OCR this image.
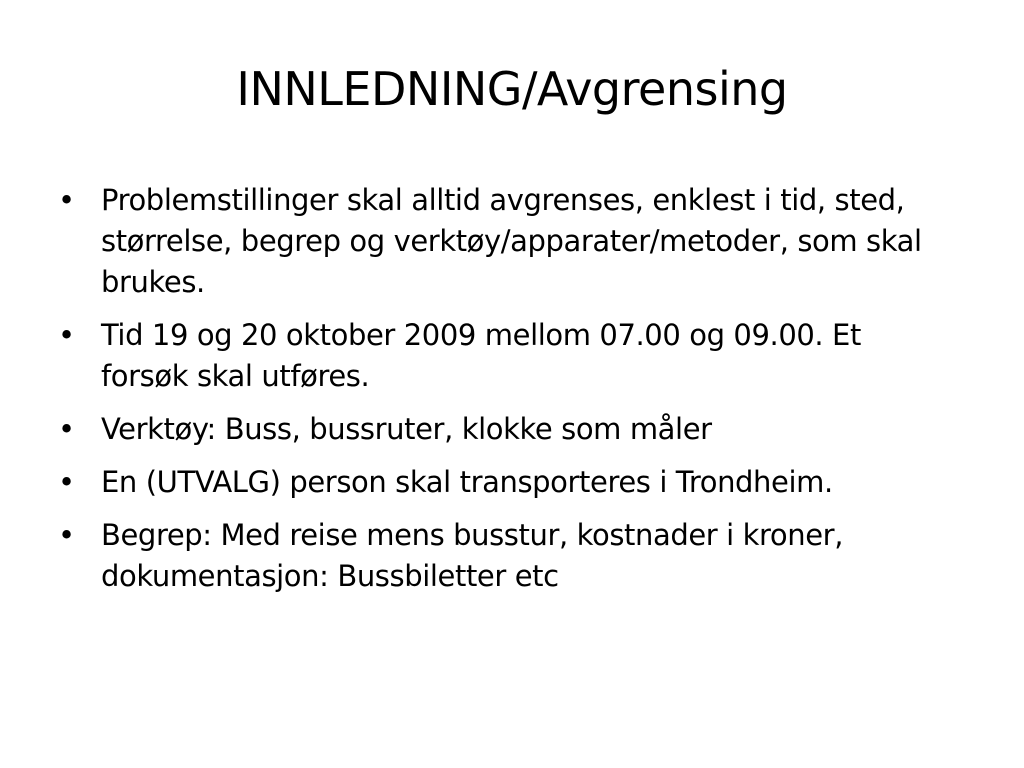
INNLEDNING/Avgrensing
• Problemstillinger skal alltid avgrenses, enklest i tid, sted, størrelse, begrep og verktøy/apparater/metoder, som skal brukes.
• Tid 19 og 20 oktober 2009 mellom 07.00 og 09.00. Et forsøk skal utføres.
• Verktøy: Buss, bussruter, klokke som måler
• En (UTVALG) person skal transporteres i Trondheim.
• Begrep: Med reise mens busstur, kostnader i kroner, dokumentasjon: Bussbiletter etc
